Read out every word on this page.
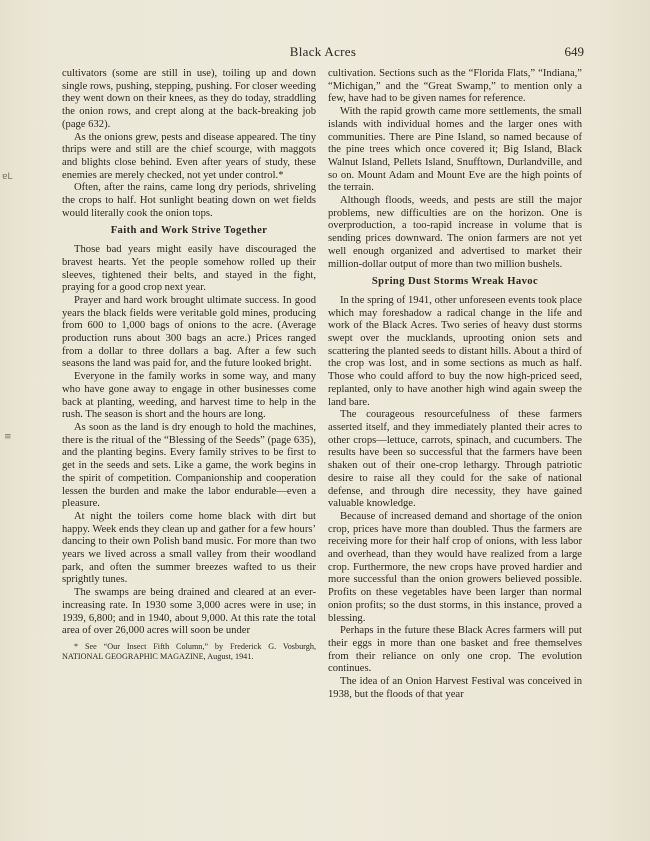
Black Acres	649
ɐL
≡

cultivators (some are still in use), toiling up and down single rows, pushing, stepping, pushing. For closer weeding they went down on their knees, as they do today, straddling the onion rows, and crept along at the back-breaking job (page 632).

As the onions grew, pests and disease appeared. The tiny thrips were and still are the chief scourge, with maggots and blights close behind. Even after years of study, these enemies are merely checked, not yet under control.*

Often, after the rains, came long dry periods, shriveling the crops to half. Hot sunlight beating down on wet fields would literally cook the onion tops.

Faith and Work Strive Together

Those bad years might easily have discouraged the bravest hearts. Yet the people somehow rolled up their sleeves, tightened their belts, and stayed in the fight, praying for a good crop next year.

Prayer and hard work brought ultimate success. In good years the black fields were veritable gold mines, producing from 600 to 1,000 bags of onions to the acre. (Average production runs about 300 bags an acre.) Prices ranged from a dollar to three dollars a bag. After a few such seasons the land was paid for, and the future looked bright.

Everyone in the family works in some way, and many who have gone away to engage in other businesses come back at planting, weeding, and harvest time to help in the rush. The season is short and the hours are long.

As soon as the land is dry enough to hold the machines, there is the ritual of the “Blessing of the Seeds” (page 635), and the planting begins. Every family strives to be first to get in the seeds and sets. Like a game, the work begins in the spirit of competition. Companionship and cooperation lessen the burden and make the labor endurable—even a pleasure.

At night the toilers come home black with dirt but happy. Week ends they clean up and gather for a few hours’ dancing to their own Polish band music. For more than two years we lived across a small valley from their woodland park, and often the summer breezes wafted to us their sprightly tunes.

The swamps are being drained and cleared at an ever-increasing rate. In 1930 some 3,000 acres were in use; in 1939, 6,800; and in 1940, about 9,000. At this rate the total area of over 26,000 acres will soon be under

* See “Our Insect Fifth Column,” by Frederick G. Vosburgh, NATIONAL GEOGRAPHIC MAGAZINE, August, 1941.

cultivation. Sections such as the “Florida Flats,” “Indiana,” “Michigan,” and the “Great Swamp,” to mention only a few, have had to be given names for reference.

With the rapid growth came more settlements, the small islands with individual homes and the larger ones with communities. There are Pine Island, so named because of the pine trees which once covered it; Big Island, Black Walnut Island, Pellets Island, Snufftown, Durlandville, and so on. Mount Adam and Mount Eve are the high points of the terrain.

Although floods, weeds, and pests are still the major problems, new difficulties are on the horizon. One is overproduction, a too-rapid increase in volume that is sending prices downward. The onion farmers are not yet well enough organized and advertised to market their million-dollar output of more than two million bushels.

Spring Dust Storms Wreak Havoc

In the spring of 1941, other unforeseen events took place which may foreshadow a radical change in the life and work of the Black Acres. Two series of heavy dust storms swept over the mucklands, uprooting onion sets and scattering the planted seeds to distant hills. About a third of the crop was lost, and in some sections as much as half. Those who could afford to buy the now high-priced seed, replanted, only to have another high wind again sweep the land bare.

The courageous resourcefulness of these farmers asserted itself, and they immediately planted their acres to other crops—lettuce, carrots, spinach, and cucumbers. The results have been so successful that the farmers have been shaken out of their one-crop lethargy. Through patriotic desire to raise all they could for the sake of national defense, and through dire necessity, they have gained valuable knowledge.

Because of increased demand and shortage of the onion crop, prices have more than doubled. Thus the farmers are receiving more for their half crop of onions, with less labor and overhead, than they would have realized from a large crop. Furthermore, the new crops have proved hardier and more successful than the onion growers believed possible. Profits on these vegetables have been larger than normal onion profits; so the dust storms, in this instance, proved a blessing.

Perhaps in the future these Black Acres farmers will put their eggs in more than one basket and free themselves from their reliance on only one crop. The evolution continues.

The idea of an Onion Harvest Festival was conceived in 1938, but the floods of that year
